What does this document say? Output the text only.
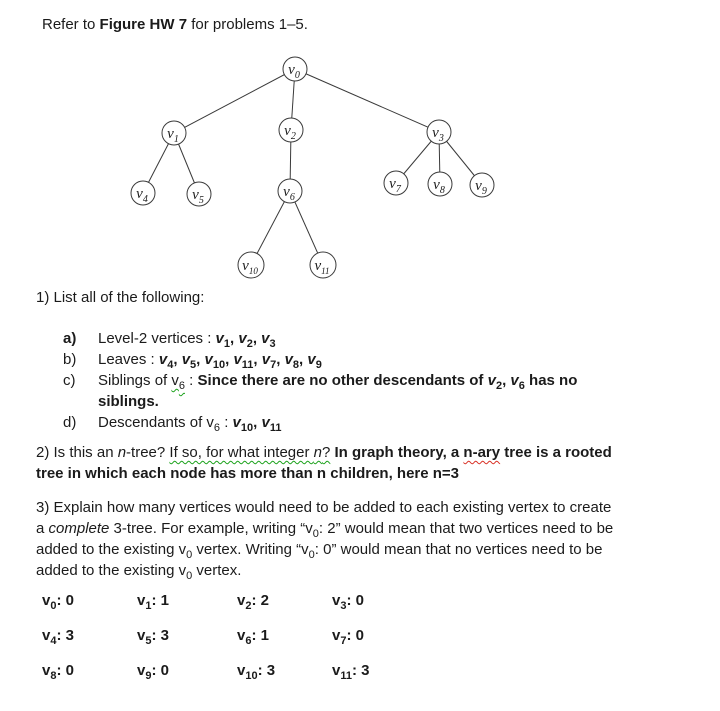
Refer to Figure HW 7 for problems 1–5.
$v_0$
$v_1$
$v_2$	$v_3$
$v_4$	$v_5$
$v_6$
$v_7$ $v_8$ $v_9$
$v_{10}$	$v_{11}$
1) List all of the following:
a)	Level-2 vertices : $v_1$, $v_2$, $v_3$
b)	Leaves : $v_4$, $v_5$, $v_{10}$, $v_{11}$, $v_7$, $v_8$, $v_9$
c)	Siblings of $v_6$ : Since there are no other descendants of $v_2$, $v_6$ has no
siblings.
d)	Descendants of $v_6$ : $v_{10}$, $v_{11}$
2) Is this an n-tree? If so, for what integer n? In graph theory, a n-ary tree is a rooted
tree in which each node has more than n children, here n=3
3) Explain how many vertices would need to be added to each existing vertex to create
a complete 3-tree. For example, writing “$v_0$: 2” would mean that two vertices need to be
added to the existing $v_0$ vertex. Writing “$v_0$: 0” would mean that no vertices need to be
added to the existing $v_0$ vertex.
$v_0$: 0	$v_1$: 1	$v_2$: 2	$v_3$: 0
$v_4$: 3	$v_5$: 3	$v_6$: 1	$v_7$: 0
$v_8$: 0	$v_9$: 0	$v_{10}$: 3	$v_{11}$: 3
